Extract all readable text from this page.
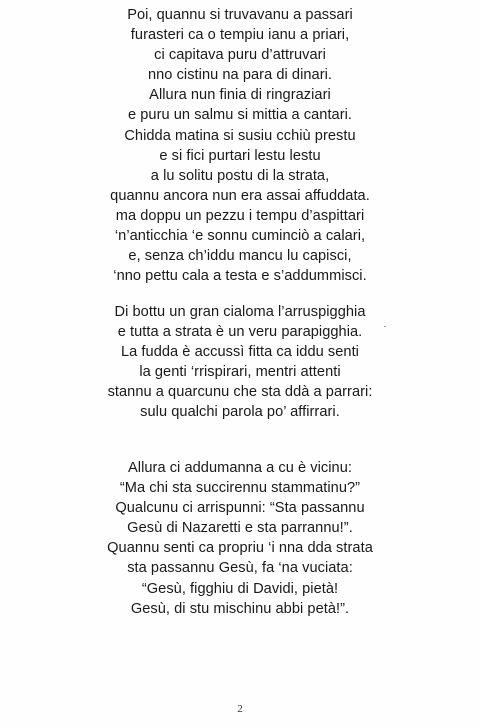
Poi, quannu si truvavanu a passari
furasteri ca o tempiu ianu a priari,
ci capitava puru d’attruvari
nno cistinu na para di dinari.
Allura nun finia di ringraziari
e puru un salmu si mittia a cantari.
Chidda matina si susiu cchiù prestu
e si fici purtari lestu lestu
a lu solitu postu di la strata,
quannu ancora nun era assai affuddata.
ma doppu un pezzu i tempu d’aspittari
‘n’anticchia ‘e sonnu cuminciò a calari,
e, senza ch’iddu mancu lu capisci,
‘nno pettu cala a testa e s’addummisci.
Di bottu un gran cialoma l’arruspigghia
e tutta a strata è un veru parapigghia.
La fudda è accussì fitta ca iddu senti
la genti ‘rrispirari, mentri attenti
stannu a quarcunu che sta ddà a parrari:
sulu qualchi parola po’ affirrari.
Allura ci addumanna a cu è vicinu:
“Ma chi sta succirennu stammatinu?”
Qualcunu ci arrispunni: “Sta passannu
Gesù di Nazaretti e sta parrannu!”.
Quannu senti ca propriu ‘i nna dda strata
sta passannu Gesù, fa ‘na vuciata:
“Gesù, figghiu di Davidi, pietà!
Gesù, di stu mischinu abbi petà!”.
2
